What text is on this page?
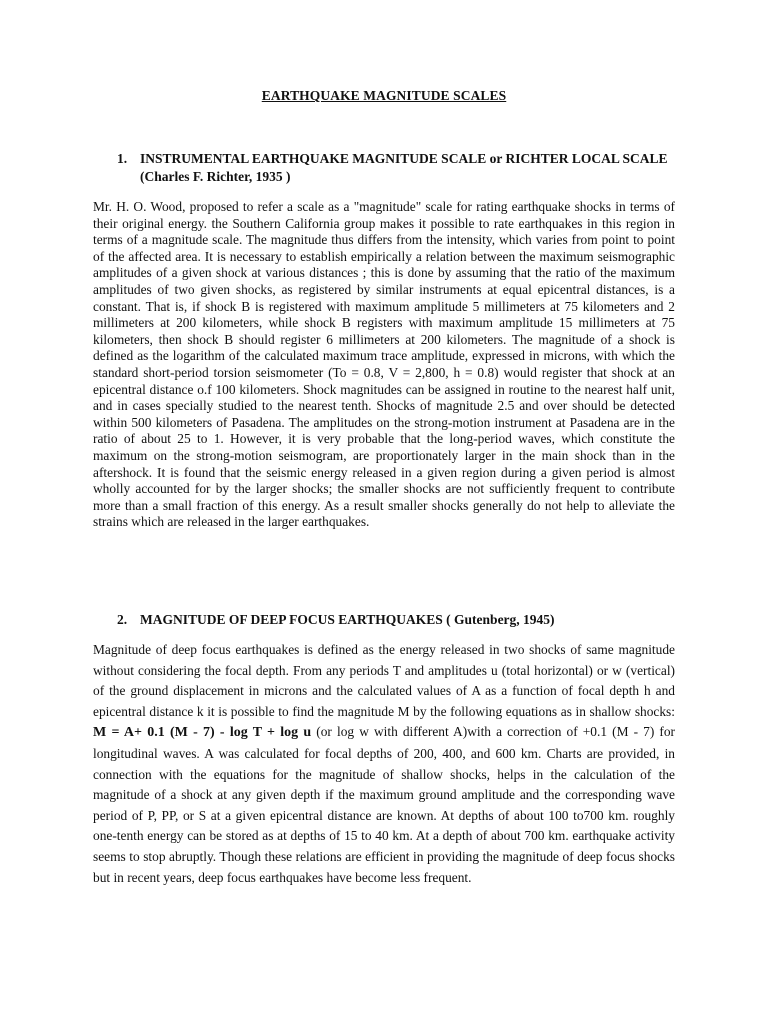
EARTHQUAKE MAGNITUDE SCALES
1. INSTRUMENTAL EARTHQUAKE MAGNITUDE SCALE or RICHTER LOCAL SCALE (Charles F. Richter, 1935 )

Mr. H. O. Wood, proposed to refer a scale as a "magnitude" scale for rating earthquake shocks in terms of their original energy. the Southern California group makes it possible to rate earthquakes in this region in terms of a magnitude scale. The magnitude thus differs from the intensity, which varies from point to point of the affected area. It is necessary to establish empirically a relation between the maximum seismographic amplitudes of a given shock at various distances ; this is done by assuming that the ratio of the maximum amplitudes of two given shocks, as registered by similar instruments at equal epicentral distances, is a constant. That is, if shock B is registered with maximum amplitude 5 millimeters at 75 kilometers and 2 millimeters at 200 kilometers, while shock B registers with maximum amplitude 15 millimeters at 75 kilometers, then shock B should register 6 millimeters at 200 kilometers. The magnitude of a shock is defined as the logarithm of the calculated maximum trace amplitude, expressed in microns, with which the standard short-period torsion seismometer (To = 0.8, V = 2,800, h = 0.8) would register that shock at an epicentral distance o.f 100 kilometers. Shock magnitudes can be assigned in routine to the nearest half unit, and in cases specially studied to the nearest tenth. Shocks of magnitude 2.5 and over should be detected within 500 kilometers of Pasadena. The amplitudes on the strong-motion instrument at Pasadena are in the ratio of about 25 to 1. However, it is very probable that the long-period waves, which constitute the maximum on the strong-motion seismogram, are proportionately larger in the main shock than in the aftershock. It is found that the seismic energy released in a given region during a given period is almost wholly accounted for by the larger shocks; the smaller shocks are not sufficiently frequent to contribute more than a small fraction of this energy. As a result smaller shocks generally do not help to alleviate the strains which are released in the larger earthquakes.

2. MAGNITUDE OF DEEP FOCUS EARTHQUAKES ( Gutenberg, 1945)

Magnitude of deep focus earthquakes is defined as the energy released in two shocks of same magnitude without considering the focal depth. From any periods T and amplitudes u (total horizontal) or w (vertical) of the ground displacement in microns and the calculated values of A as a function of focal depth h and epicentral distance k it is possible to find the magnitude M by the following equations as in shallow shocks: M = A+ 0.1 (M - 7) - log T + log u (or log w with different A)with a correction of +0.1 (M - 7) for longitudinal waves. A was calculated for focal depths of 200, 400, and 600 km. Charts are provided, in connection with the equations for the magnitude of shallow shocks, helps in the calculation of the magnitude of a shock at any given depth if the maximum ground amplitude and the corresponding wave period of P, PP, or S at a given epicentral distance are known. At depths of about 100 to700 km. roughly one-tenth energy can be stored as at depths of 15 to 40 km. At a depth of about 700 km. earthquake activity seems to stop abruptly. Though these relations are efficient in providing the magnitude of deep focus shocks but in recent years, deep focus earthquakes have become less frequent.
